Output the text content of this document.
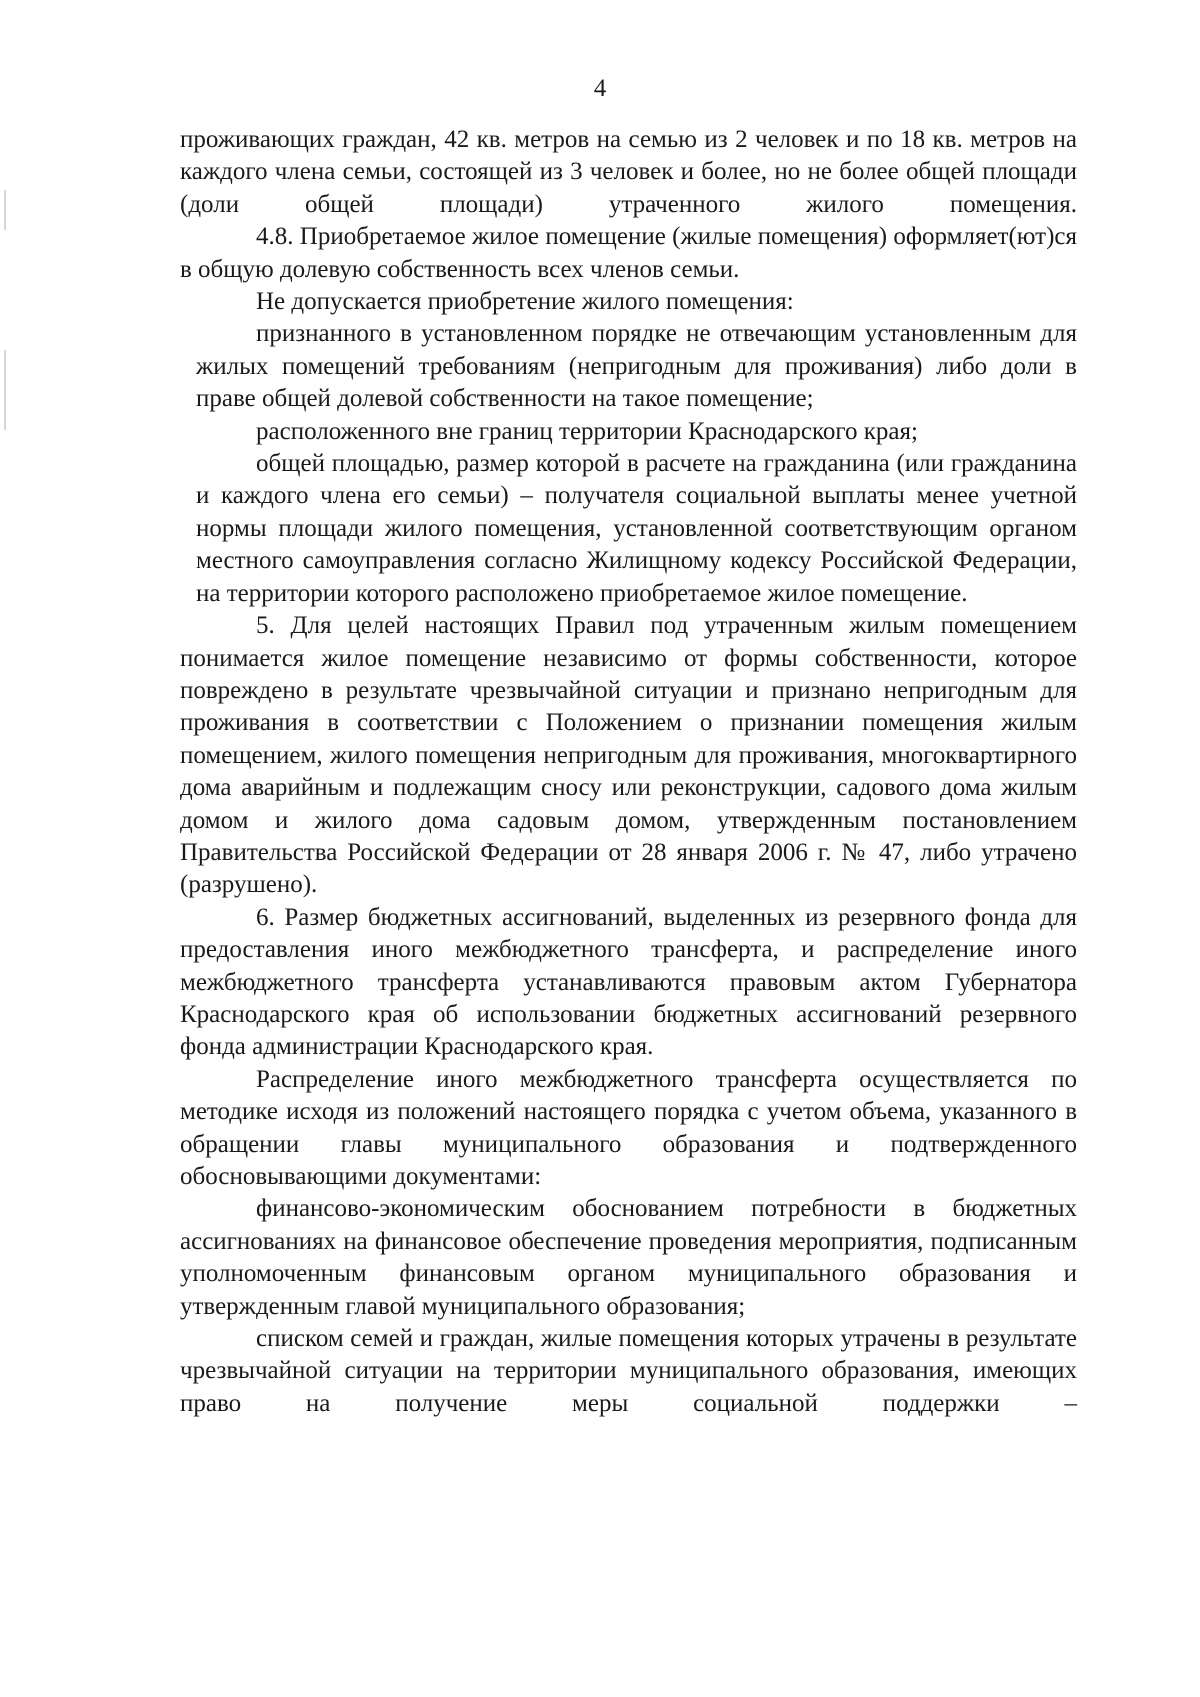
4

проживающих граждан, 42 кв. метров на семью из 2 человек и по 18 кв. метров на каждого члена семьи, состоящей из 3 человек и более, но не более общей площади (доли общей площади) утраченного жилого помещения.

4.8. Приобретаемое жилое помещение (жилые помещения) оформляет(ют)ся в общую долевую собственность всех членов семьи.

Не допускается приобретение жилого помещения:

признанного в установленном порядке не отвечающим установленным для жилых помещений требованиям (непригодным для проживания) либо доли в праве общей долевой собственности на такое помещение;

расположенного вне границ территории Краснодарского края;

общей площадью, размер которой в расчете на гражданина (или гражданина и каждого члена его семьи) – получателя социальной выплаты менее учетной нормы площади жилого помещения, установленной соответствующим органом местного самоуправления согласно Жилищному кодексу Российской Федерации, на территории которого расположено приобретаемое жилое помещение.

5. Для целей настоящих Правил под утраченным жилым помещением понимается жилое помещение независимо от формы собственности, которое повреждено в результате чрезвычайной ситуации и признано непригодным для проживания в соответствии с Положением о признании помещения жилым помещением, жилого помещения непригодным для проживания, многоквартирного дома аварийным и подлежащим сносу или реконструкции, садового дома жилым домом и жилого дома садовым домом, утвержденным постановлением Правительства Российской Федерации от 28 января 2006 г. № 47, либо утрачено (разрушено).

6. Размер бюджетных ассигнований, выделенных из резервного фонда для предоставления иного межбюджетного трансферта, и распределение иного межбюджетного трансферта устанавливаются правовым актом Губернатора Краснодарского края об использовании бюджетных ассигнований резервного фонда администрации Краснодарского края.

Распределение иного межбюджетного трансферта осуществляется по методике исходя из положений настоящего порядка с учетом объема, указанного в обращении главы муниципального образования и подтвержденного обосновывающими документами:

финансово-экономическим обоснованием потребности в бюджетных ассигнованиях на финансовое обеспечение проведения мероприятия, подписанным уполномоченным финансовым органом муниципального образования и утвержденным главой муниципального образования;

списком семей и граждан, жилые помещения которых утрачены в результате чрезвычайной ситуации на территории муниципального образования, имеющих право на получение меры социальной поддержки –
